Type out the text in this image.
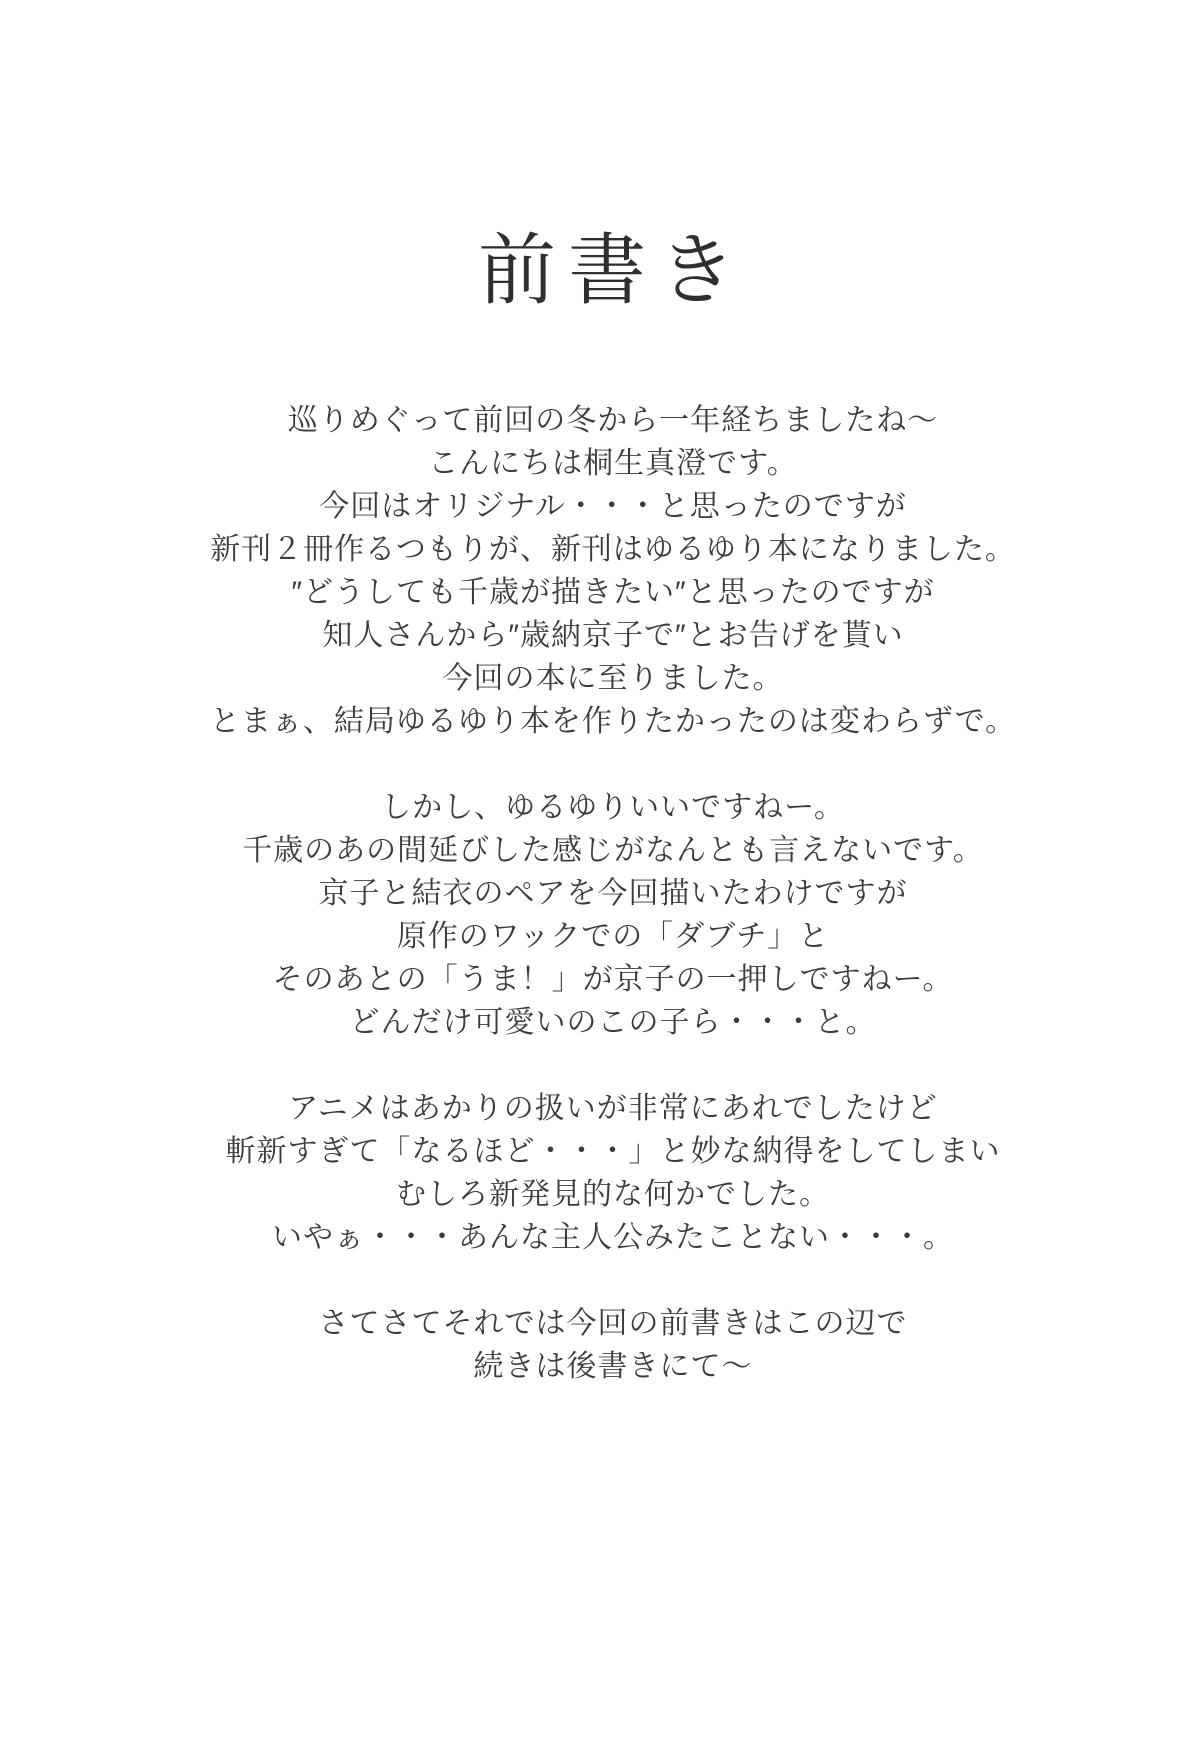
前書き

巡りめぐって前回の冬から一年経ちましたね～

こんにちは桐生真澄です。

今回はオリジナル・・・と思ったのですが

新刊２冊作るつもりが、新刊はゆるゆり本になりました。

″どうしても千歳が描きたい″と思ったのですが

知人さんから″歳納京子で″とお告げを貰い

今回の本に至りました。

とまぁ、結局ゆるゆり本を作りたかったのは変わらずで。

しかし、ゆるゆりいいですねー。

千歳のあの間延びした感じがなんとも言えないです。

京子と結衣のペアを今回描いたわけですが

原作のワックでの「ダブチ」と

そのあとの「うま！」が京子の一押しですねー。

どんだけ可愛いのこの子ら・・・と。

アニメはあかりの扱いが非常にあれでしたけど

斬新すぎて「なるほど・・・」と妙な納得をしてしまい

むしろ新発見的な何かでした。

いやぁ・・・あんな主人公みたことない・・・。

さてさてそれでは今回の前書きはこの辺で

続きは後書きにて～
